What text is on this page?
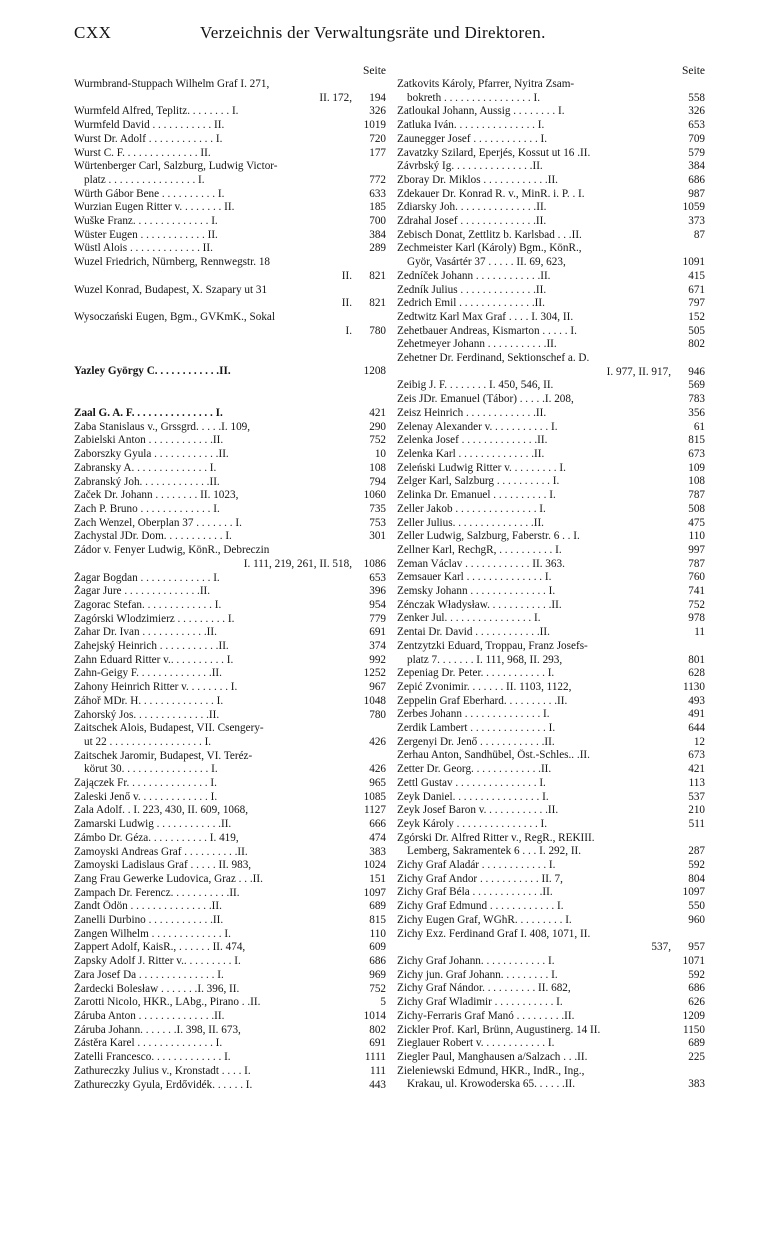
CXX	Verzeichnis der Verwaltungsräte und Direktoren.
Seite
Wurmbrand-Stuppach Wilhelm Graf I. 271,
II. 172,	194
Wurmfeld Alfred, Teplitz. . . . . . . . I.	326
Wurmfeld David . . . . . . . . . . . II.	1019
Wurst Dr. Adolf . . . . . . . . . . . . I.	720
Wurst C. F. . . . . . . . . . . . . . II.	177
Würtenberger Carl, Salzburg, Ludwig Victor-
platz . . . . . . . . . . . . . . . . I.	772
Würth Gábor Bene . . . . . . . . . . I.	633
Wurzian Eugen Ritter v. . . . . . . . II.	185
Wuške Franz. . . . . . . . . . . . . . I.	700
Wüster Eugen . . . . . . . . . . . . II.	384
Wüstl Alois . . . . . . . . . . . . . II.	289
Wuzel Friedrich, Nürnberg, Rennwegstr. 18
II.	821
Wuzel Konrad, Budapest, X. Szapary ut 31
II.	821
Wysoczański Eugen, Bgm., GVKmK., Sokal
I.	780
Yazley György C. . . . . . . . . . . .II.	1208
Zaal G. A. F. . . . . . . . . . . . . . . I.	421
Zaba Stanislaus v., Grssgrd. . . . .I. 109,	290
Zabielski Anton . . . . . . . . . . . .II.	752
Zaborszky Gyula . . . . . . . . . . . .II.	10
Zabransky A. . . . . . . . . . . . . . I.	108
Zabranský Joh. . . . . . . . . . . . .II.	794
Začek Dr. Johann . . . . . . . . II. 1023,	1060
Zach P. Bruno . . . . . . . . . . . . . I.	735
Zach Wenzel, Oberplan 37 . . . . . . . I.	753
Zachystal JDr. Dom. . . . . . . . . . . I.	301
Zádor v. Fenyer Ludwig, KönR., Debreczin
I. 111, 219, 261, II. 518,	1086
Žagar Bogdan . . . . . . . . . . . . . I.	653
Žagar Jure . . . . . . . . . . . . . .II.	396
Zagorac Stefan. . . . . . . . . . . . . I.	954
Zagórski Wlodzimierz . . . . . . . . . I.	779
Zahar Dr. Ivan . . . . . . . . . . . .II.	691
Zahejský Heinrich . . . . . . . . . . .II.	374
Zahn Eduard Ritter v.. . . . . . . . . . I.	992
Zahn-Geigy F. . . . . . . . . . . . . .II.	1252
Zahony Heinrich Ritter v. . . . . . . . I.	967
Záhoř MDr. H. . . . . . . . . . . . . . I.	1048
Zahorský Jos. . . . . . . . . . . . . .II.	780
Zaitschek Alois, Budapest, VII. Csengery-
ut 22 . . . . . . . . . . . . . . . . . I.	426
Zaitschek Jaromir, Budapest, VI. Teréz-
körut 30. . . . . . . . . . . . . . . . I.	426
Zajączek Fr. . . . . . . . . . . . . . . I.	965
Zaleski Jenő v. . . . . . . . . . . . . I.	1085
Zala Adolf. . I. 223, 430, II. 609, 1068,	1127
Zamarski Ludwig . . . . . . . . . . . .II.	666
Zámbo Dr. Géza. . . . . . . . . . . I. 419,	474
Zamoyski Andreas Graf . . . . . . . . . .II.	383
Zamoyski Ladislaus Graf . . . . . II. 983,	1024
Zang Frau Gewerke Ludovica, Graz . . .II.	151
Zampach Dr. Ferencz. . . . . . . . . . .II.	1097
Zandt Ödön . . . . . . . . . . . . . . .II.	689
Zanelli Durbino . . . . . . . . . . . .II.	815
Zangen Wilhelm . . . . . . . . . . . . . I.	110
Zappert Adolf, KaisR., . . . . . . II. 474,	609
Zapsky Adolf J. Ritter v.. . . . . . . . . I.	686
Zara Josef Da . . . . . . . . . . . . . . I.	969
Žardecki Bolesław . . . . . . .I. 396, II.	752
Zarotti Nicolo, HKR., LAbg., Pirano . .II.	5
Záruba Anton . . . . . . . . . . . . . .II.	1014
Záruba Johann. . . . . . .I. 398, II. 673,	802
Zástěra Karel . . . . . . . . . . . . . . I.	691
Zatelli Francesco. . . . . . . . . . . . . I.	1111
Zathureczky Julius v., Kronstadt . . . . I.	111
Zathureczky Gyula, Erdővidék. . . . . . I.	443
Seite
Zatkovits Károly, Pfarrer, Nyitra Zsam-
bokreth . . . . . . . . . . . . . . . . I.	558
Zatloukal Johann, Aussig . . . . . . . . I.	326
Zatluka Iván. . . . . . . . . . . . . . . I.	653
Zaunegger Josef . . . . . . . . . . . . I.	709
Zavatzky Szilard, Eperjés, Kossut ut 16 .II.	579
Závrbský Ig. . . . . . . . . . . . . . .II.	384
Zboray Dr. Miklos . . . . . . . . . . . .II.	686
Zdekauer Dr. Konrad R. v., MinR. i. P. . I.	987
Zdiarsky Joh. . . . . . . . . . . . . . .II.	1059
Zdrahal Josef . . . . . . . . . . . . . .II.	373
Zebisch Donat, Zettlitz b. Karlsbad . . .II.	87
Zechmeister Karl (Károly) Bgm., KönR.,
Györ, Vasártér 37 . . . . . II. 69, 623,	1091
Zedníček Johann . . . . . . . . . . . .II.	415
Zedník Julius . . . . . . . . . . . . . .II.	671
Zedrich Emil . . . . . . . . . . . . . .II.	797
Zedtwitz Karl Max Graf . . . . I. 304, II.	152
Zehetbauer Andreas, Kismarton . . . . . I.	505
Zehetmeyer Johann . . . . . . . . . . .II.	802
Zehetner Dr. Ferdinand, Sektionschef a. D.
I. 977, II. 917,	946
Zeibig J. F. . . . . . . . I. 450, 546, II.	569
Zeis JDr. Emanuel (Tábor) . . . . .I. 208,	783
Zeisz Heinrich . . . . . . . . . . . . .II.	356
Zelenay Alexander v. . . . . . . . . . . I.	61
Zelenka Josef . . . . . . . . . . . . . .II.	815
Zelenka Karl . . . . . . . . . . . . . .II.	673
Zeleński Ludwig Ritter v. . . . . . . . . I.	109
Zelger Karl, Salzburg . . . . . . . . . . I.	108
Zelinka Dr. Emanuel . . . . . . . . . . I.	787
Zeller Jakob . . . . . . . . . . . . . . . I.	508
Zeller Julius. . . . . . . . . . . . . . .II.	475
Zeller Ludwig, Salzburg, Faberstr. 6 . . I.	110
Zellner Karl, RechgR, . . . . . . . . . . I.	997
Zeman Václav . . . . . . . . . . . . II. 363.	787
Zemsauer Karl . . . . . . . . . . . . . . I.	760
Zemsky Johann . . . . . . . . . . . . . . I.	741
Zénczak Władysław. . . . . . . . . . . .II.	752
Zenker Jul. . . . . . . . . . . . . . . . I.	978
Zentai Dr. David . . . . . . . . . . . .II.	11
Zentzytzki Eduard, Troppau, Franz Josefs-
platz 7. . . . . . . I. 111, 968, II. 293,	801
Zepeniag Dr. Peter. . . . . . . . . . . . I.	628
Zepić Zvonimir. . . . . . . II. 1103, 1122,	1130
Zeppelin Graf Eberhard. . . . . . . . . .II.	493
Zerbes Johann . . . . . . . . . . . . . . I.	491
Zerdik Lambert . . . . . . . . . . . . . . I.	644
Zergenyi Dr. Jenő . . . . . . . . . . . .II.	12
Zerhau Anton, Sandhübel, Öst.-Schles.. .II.	673
Zetter Dr. Georg. . . . . . . . . . . . .II.	421
Zettl Gustav . . . . . . . . . . . . . . . I.	113
Zeyk Daniel. . . . . . . . . . . . . . . . I.	537
Zeyk Josef Baron v. . . . . . . . . . . .II.	210
Zeyk Károly . . . . . . . . . . . . . . . I.	511
Zgórski Dr. Alfred Ritter v., RegR., REKIII.
Lemberg, Sakramentek 6 . . . I. 292, II.	287
Zichy Graf Aladár . . . . . . . . . . . . I.	592
Zichy Graf Andor . . . . . . . . . . . II. 7,	804
Zichy Graf Béla . . . . . . . . . . . . .II.	1097
Zichy Graf Edmund . . . . . . . . . . . . I.	550
Zichy Eugen Graf, WGhR. . . . . . . . . I.	960
Zichy Exz. Ferdinand Graf I. 408, 1071, II.
537,	957
Zichy Graf Johann. . . . . . . . . . . . I.	1071
Zichy jun. Graf Johann. . . . . . . . . I.	592
Zichy Graf Nándor. . . . . . . . . . II. 682,	686
Zichy Graf Wladimir . . . . . . . . . . . I.	626
Zichy-Ferraris Graf Manó . . . . . . . . .II.	1209
Zickler Prof. Karl, Brünn, Augustinerg. 14 II.	1150
Zieglauer Robert v. . . . . . . . . . . . I.	689
Ziegler Paul, Manghausen a/Salzach . . .II.	225
Zieleniewski Edmund, HKR., IndR., Ing.,
Krakau, ul. Krowoderska 65. . . . . .II.	383
